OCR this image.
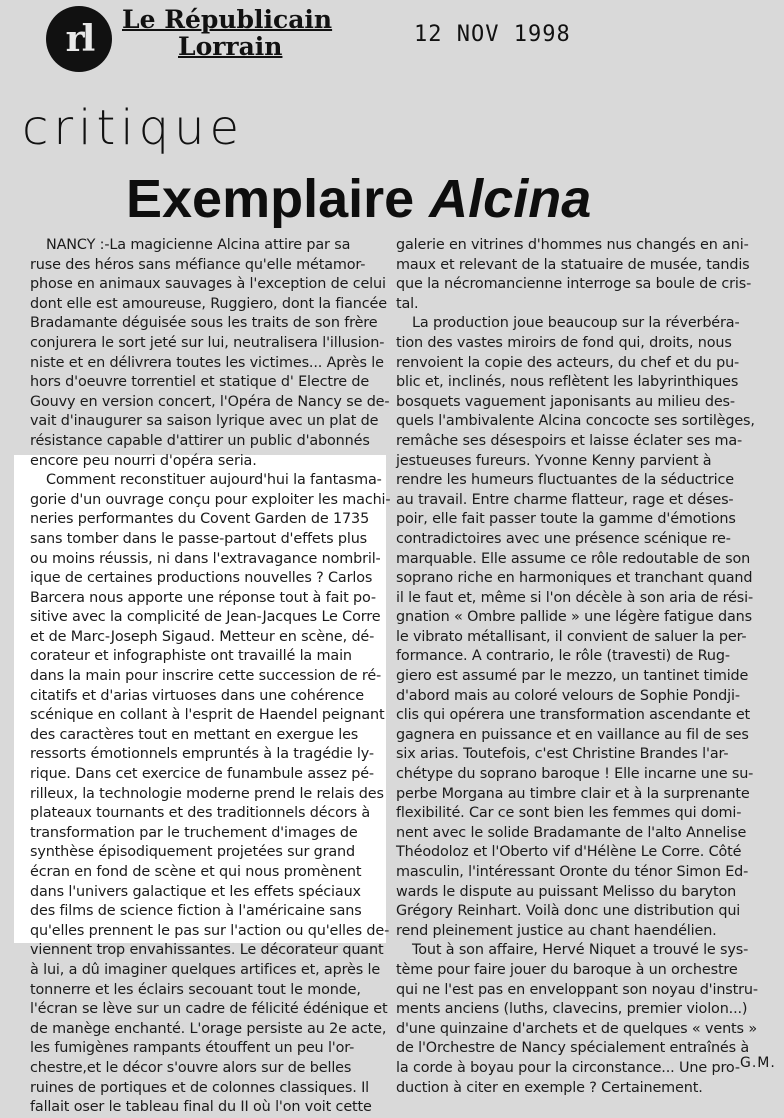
rl Le Républicain
Lorrain	12 NOV 1998
critique
Exemplaire Alcina
NANCY :-La magicienne Alcina attire par sa
ruse des héros sans méfiance qu'elle métamor-
phose en animaux sauvages à l'exception de celui
dont elle est amoureuse, Ruggiero, dont la fiancée
Bradamante déguisée sous les traits de son frère
conjurera le sort jeté sur lui, neutralisera l'illusion-
niste et en délivrera toutes les victimes... Après le
hors d'oeuvre torrentiel et statique d' Electre de
Gouvy en version concert, l'Opéra de Nancy se de-
vait d'inaugurer sa saison lyrique avec un plat de
résistance capable d'attirer un public d'abonnés
encore peu nourri d'opéra seria.
Comment reconstituer aujourd'hui la fantasma-
gorie d'un ouvrage conçu pour exploiter les machi-
neries performantes du Covent Garden de 1735
sans tomber dans le passe-partout d'effets plus
ou moins réussis, ni dans l'extravagance nombril-
ique de certaines productions nouvelles ? Carlos
Barcera nous apporte une réponse tout à fait po-
sitive avec la complicité de Jean-Jacques Le Corre
et de Marc-Joseph Sigaud. Metteur en scène, dé-
corateur et infographiste ont travaillé la main
dans la main pour inscrire cette succession de ré-
citatifs et d'arias virtuoses dans une cohérence
scénique en collant à l'esprit de Haendel peignant
des caractères tout en mettant en exergue les
ressorts émotionnels empruntés à la tragédie ly-
rique. Dans cet exercice de funambule assez pé-
rilleux, la technologie moderne prend le relais des
plateaux tournants et des traditionnels décors à
transformation par le truchement d'images de
synthèse épisodiquement projetées sur grand
écran en fond de scène et qui nous promènent
dans l'univers galactique et les effets spéciaux
des films de science fiction à l'américaine sans
qu'elles prennent le pas sur l'action ou qu'elles de-
viennent trop envahissantes. Le décorateur quant
à lui, a dû imaginer quelques artifices et, après le
tonnerre et les éclairs secouant tout le monde,
l'écran se lève sur un cadre de félicité édénique et
de manège enchanté. L'orage persiste au 2e acte,
les fumigènes rampants étouffent un peu l'or-
chestre,et le décor s'ouvre alors sur de belles
ruines de portiques et de colonnes classiques. Il
fallait oser le tableau final du II où l'on voit cette
galerie en vitrines d'hommes nus changés en ani-
maux et relevant de la statuaire de musée, tandis
que la nécromancienne interroge sa boule de cris-
tal.
La production joue beaucoup sur la réverbéra-
tion des vastes miroirs de fond qui, droits, nous
renvoient la copie des acteurs, du chef et du pu-
blic et, inclinés, nous reflètent les labyrinthiques
bosquets vaguement japonisants au milieu des-
quels l'ambivalente Alcina concocte ses sortilèges,
remâche ses désespoirs et laisse éclater ses ma-
jestueuses fureurs. Yvonne Kenny parvient à
rendre les humeurs fluctuantes de la séductrice
au travail. Entre charme flatteur, rage et déses-
poir, elle fait passer toute la gamme d'émotions
contradictoires avec une présence scénique re-
marquable. Elle assume ce rôle redoutable de son
soprano riche en harmoniques et tranchant quand
il le faut et, même si l'on décèle à son aria de rési-
gnation « Ombre pallide » une légère fatigue dans
le vibrato métallisant, il convient de saluer la per-
formance. A contrario, le rôle (travesti) de Rug-
giero est assumé par le mezzo, un tantinet timide
d'abord mais au coloré velours de Sophie Pondji-
clis qui opérera une transformation ascendante et
gagnera en puissance et en vaillance au fil de ses
six arias. Toutefois, c'est Christine Brandes l'ar-
chétype du soprano baroque ! Elle incarne une su-
perbe Morgana au timbre clair et à la surprenante
flexibilité. Car ce sont bien les femmes qui domi-
nent avec le solide Bradamante de l'alto Annelise
Théodoloz et l'Oberto vif d'Hélène Le Corre. Côté
masculin, l'intéressant Oronte du ténor Simon Ed-
wards le dispute au puissant Melisso du baryton
Grégory Reinhart. Voilà donc une distribution qui
rend pleinement justice au chant haendélien.
Tout à son affaire, Hervé Niquet a trouvé le sys-
tème pour faire jouer du baroque à un orchestre
qui ne l'est pas en enveloppant son noyau d'instru-
ments anciens (luths, clavecins, premier violon...)
d'une quinzaine d'archets et de quelques « vents »
de l'Orchestre de Nancy spécialement entraînés à
la corde à boyau pour la circonstance... Une pro-
duction à citer en exemple ? Certainement.
G.M.
